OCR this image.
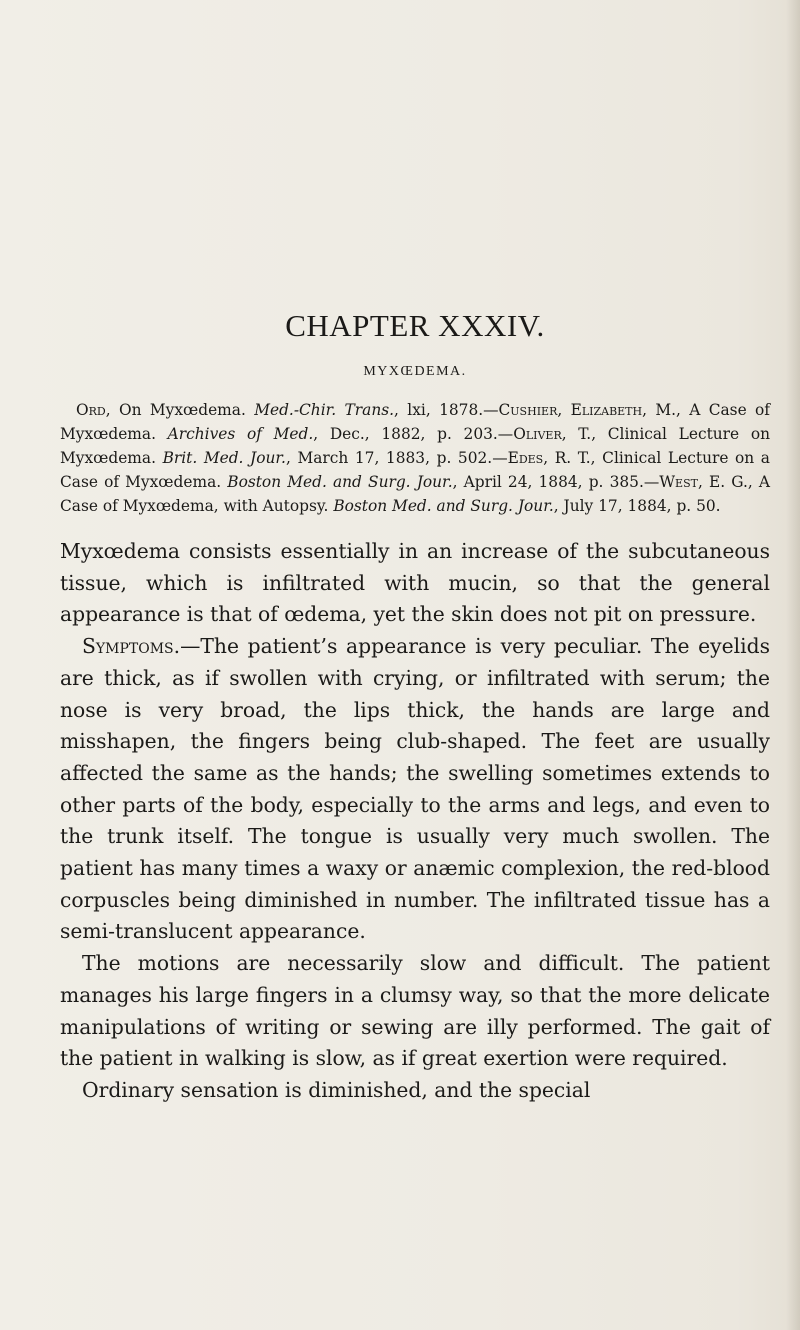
CHAPTER XXXIV.
MYXŒDEMA.

Ord, On Myxœdema. Med.-Chir. Trans., lxi, 1878.—Cushier, Elizabeth, M., A Case of Myxœdema. Archives of Med., Dec., 1882, p. 203.—Oliver, T., Clinical Lecture on Myxœdema. Brit. Med. Jour., March 17, 1883, p. 502.—Edes, R. T., Clinical Lecture on a Case of Myxœdema. Boston Med. and Surg. Jour., April 24, 1884, p. 385.—West, E. G., A Case of Myxœdema, with Autopsy. Boston Med. and Surg. Jour., July 17, 1884, p. 50.

Myxœdema consists essentially in an increase of the subcutaneous tissue, which is infiltrated with mucin, so that the general appearance is that of œdema, yet the skin does not pit on pressure.

Symptoms.—The patient’s appearance is very peculiar. The eyelids are thick, as if swollen with crying, or infiltrated with serum; the nose is very broad, the lips thick, the hands are large and misshapen, the fingers being club-shaped. The feet are usually affected the same as the hands; the swelling sometimes extends to other parts of the body, especially to the arms and legs, and even to the trunk itself. The tongue is usually very much swollen. The patient has many times a waxy or anæmic complexion, the red-blood corpuscles being diminished in number. The infiltrated tissue has a semi-translucent appearance.

The motions are necessarily slow and difficult. The patient manages his large fingers in a clumsy way, so that the more delicate manipulations of writing or sewing are illy performed. The gait of the patient in walking is slow, as if great exertion were required.

Ordinary sensation is diminished, and the special
